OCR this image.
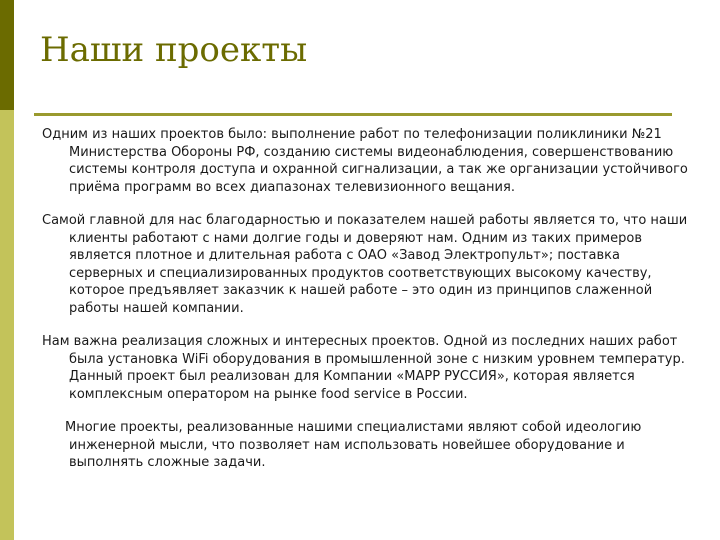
Наши проекты

Одним из наших проектов было: выполнение работ по телефонизации поликлиники №21 Министерства Обороны РФ, созданию системы видеонаблюдения, совершенствованию системы контроля доступа и охранной сигнализации, а так же организации устойчивого приёма программ во всех диапазонах телевизионного вещания.

Самой главной для нас благодарностью и показателем нашей работы является то, что наши клиенты работают с нами долгие годы и доверяют нам. Одним из таких примеров является плотное и длительная работа с ОАО «Завод Электропульт»; поставка серверных и специализированных продуктов соответствующих высокому качеству, которое предъявляет заказчик к нашей работе – это один из принципов слаженной работы нашей компании.

Нам важна реализация сложных и интересных проектов. Одной из последних наших работ была установка WiFi оборудования в промышленной зоне с низким уровнем температур. Данный проект был реализован для Компании «МАРР РУССИЯ», которая является комплексным оператором на рынке food service в России.

Многие проекты, реализованные нашими специалистами являют собой идеологию инженерной мысли, что позволяет нам использовать новейшее оборудование и выполнять сложные задачи.
